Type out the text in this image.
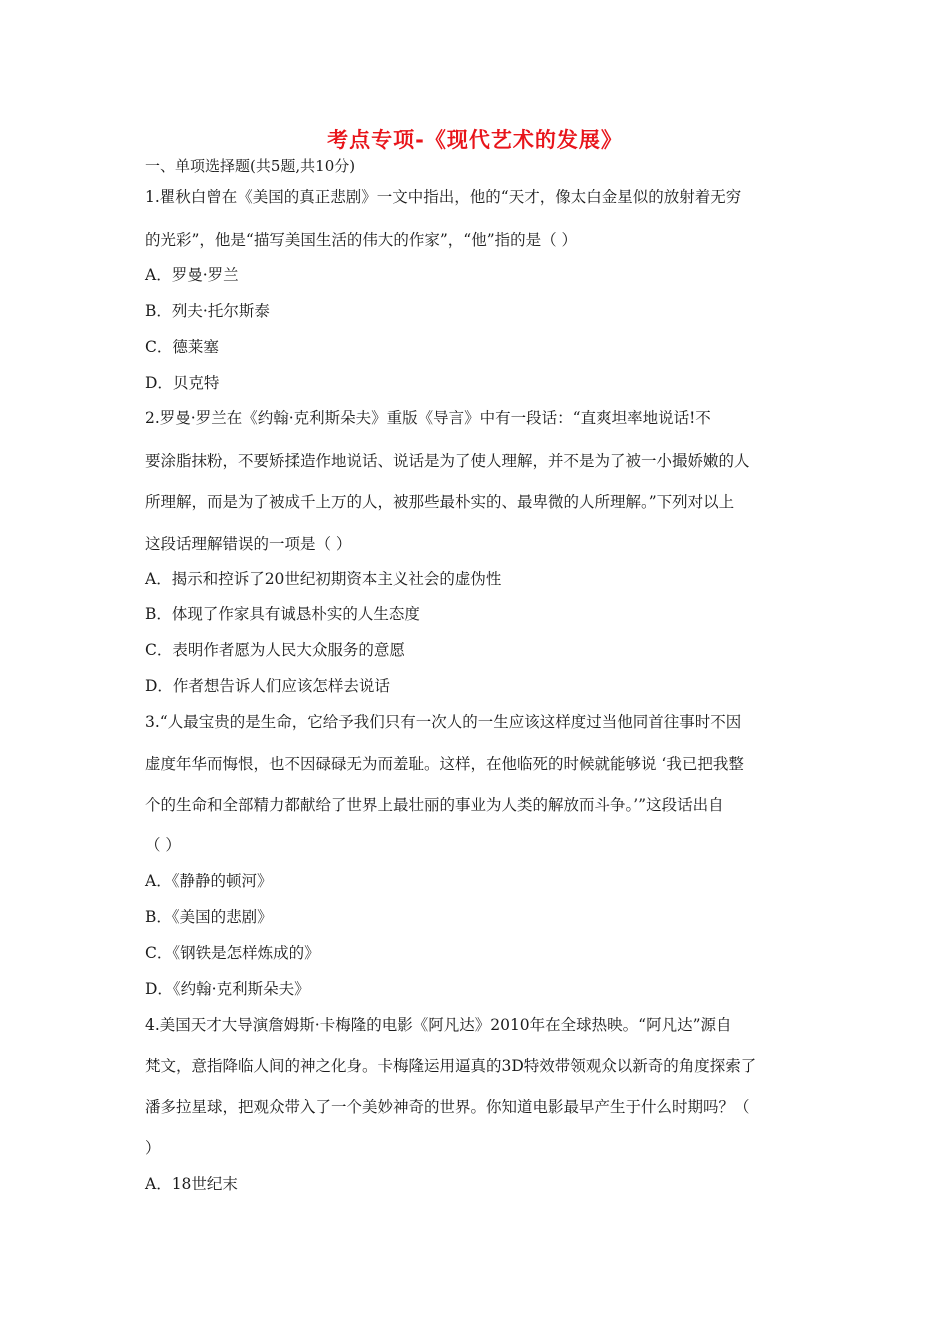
考点专项-《现代艺术的发展》
一、单项选择题(共5题,共10分)
1.瞿秋白曾在《美国的真正悲剧》一文中指出，他的“天才，像太白金星似的放射着无穷
的光彩”，他是“描写美国生活的伟大的作家”，“他”指的是（ ）
A．罗曼·罗兰
B．列夫·托尔斯泰
C．德莱塞
D．贝克特
2.罗曼·罗兰在《约翰·克利斯朵夫》重版《导言》中有一段话：“直爽坦率地说话!不
要涂脂抹粉，不要矫揉造作地说话、说话是为了使人理解，并不是为了被一小撮娇嫩的人
所理解，而是为了被成千上万的人，被那些最朴实的、最卑微的人所理解。”下列对以上
这段话理解错误的一项是（ ）
A．揭示和控诉了20世纪初期资本主义社会的虚伪性
B．体现了作家具有诚恳朴实的人生态度
C．表明作者愿为人民大众服务的意愿
D．作者想告诉人们应该怎样去说话
3.“人最宝贵的是生命，它给予我们只有一次人的一生应该这样度过当他同首往事时不因
虚度年华而悔恨，也不因碌碌无为而羞耻。这样，在他临死的时候就能够说 ‘我已把我整
个的生命和全部精力都献给了世界上最壮丽的事业为人类的解放而斗争。’”这段话出自
（ ）
A．《静静的顿河》
B．《美国的悲剧》
C．《钢铁是怎样炼成的》
D．《约翰·克利斯朵夫》
4.美国天才大导演詹姆斯·卡梅隆的电影《阿凡达》2010年在全球热映。“阿凡达”源自
梵文，意指降临人间的神之化身。卡梅隆运用逼真的3D特效带领观众以新奇的角度探索了
潘多拉星球，把观众带入了一个美妙神奇的世界。你知道电影最早产生于什么时期吗？（
）
A．18世纪末
